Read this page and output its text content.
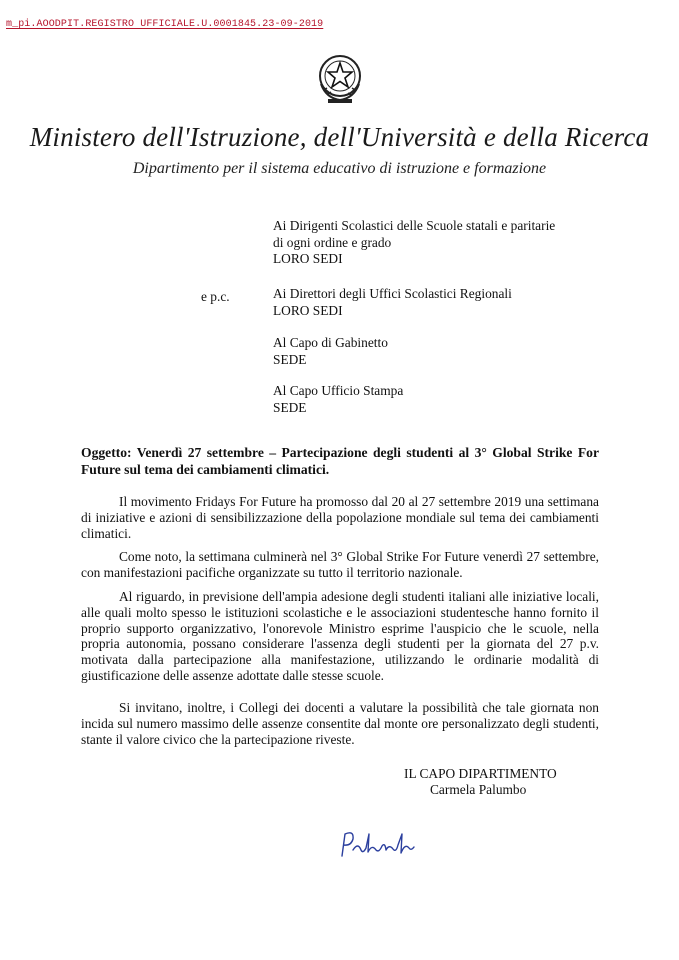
m_pi.AOODPIT.REGISTRO UFFICIALE.U.0001845.23-09-2019
Ministero dell'Istruzione, dell'Università e della Ricerca
Dipartimento per il sistema educativo di istruzione e formazione
Ai Dirigenti Scolastici delle Scuole statali e paritarie
di ogni ordine e grado
LORO SEDI
e p.c.	Ai Direttori degli Uffici Scolastici Regionali
LORO SEDI
Al Capo di Gabinetto
SEDE
Al Capo Ufficio Stampa
SEDE
Oggetto: Venerdì 27 settembre – Partecipazione degli studenti al 3° Global Strike For Future sul tema dei cambiamenti climatici.
Il movimento Fridays For Future ha promosso dal 20 al 27 settembre 2019 una settimana di iniziative e azioni di sensibilizzazione della popolazione mondiale sul tema dei cambiamenti climatici.
Come noto, la settimana culminerà nel 3° Global Strike For Future venerdì 27 settembre, con manifestazioni pacifiche organizzate su tutto il territorio nazionale.
Al riguardo, in previsione dell'ampia adesione degli studenti italiani alle iniziative locali, alle quali molto spesso le istituzioni scolastiche e le associazioni studentesche hanno fornito il proprio supporto organizzativo, l'onorevole Ministro esprime l'auspicio che le scuole, nella propria autonomia, possano considerare l'assenza degli studenti per la giornata del 27 p.v. motivata dalla partecipazione alla manifestazione, utilizzando le ordinarie modalità di giustificazione delle assenze adottate dalle stesse scuole.
Si invitano, inoltre, i Collegi dei docenti a valutare la possibilità che tale giornata non incida sul numero massimo delle assenze consentite dal monte ore personalizzato degli studenti, stante il valore civico che la partecipazione riveste.
IL CAPO DIPARTIMENTO
Carmela Palumbo
